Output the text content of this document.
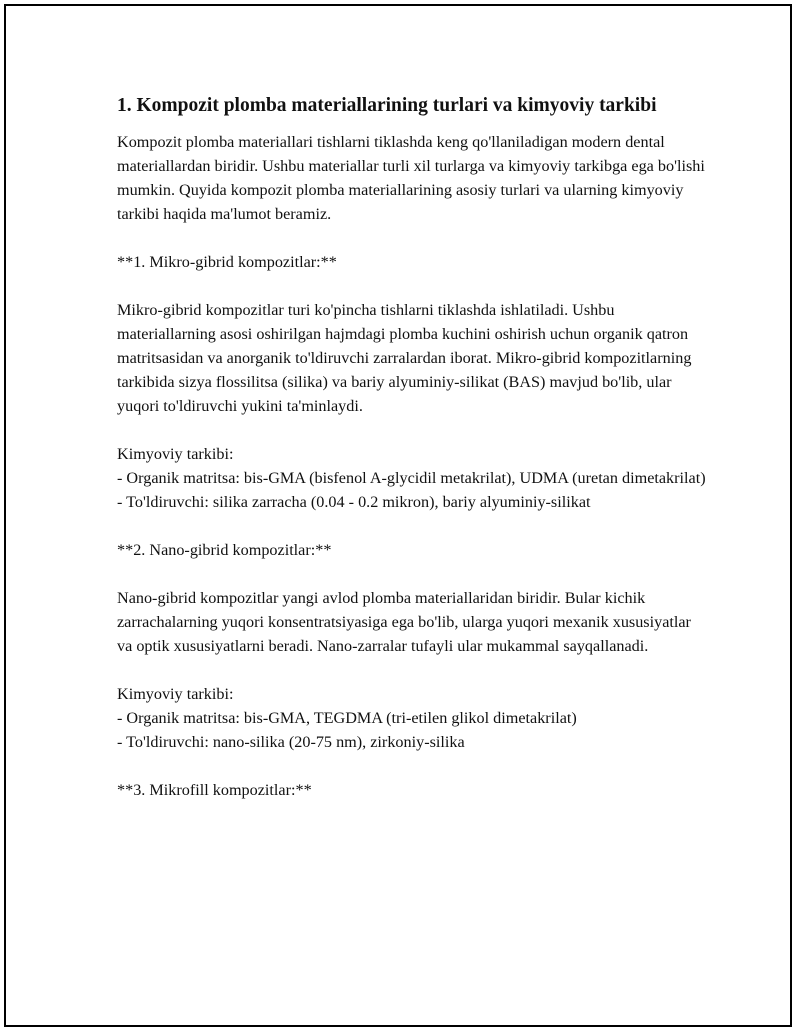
1. Kompozit plomba materiallarining turlari va kimyoviy tarkibi
Kompozit plomba materiallari tishlarni tiklashda keng qo'llaniladigan modern dental materiallardan biridir. Ushbu materiallar turli xil turlarga va kimyoviy tarkibga ega bo'lishi mumkin. Quyida kompozit plomba materiallarining asosiy turlari va ularning kimyoviy tarkibi haqida ma'lumot beramiz.
**1. Mikro-gibrid kompozitlar:**
Mikro-gibrid kompozitlar turi ko'pincha tishlarni tiklashda ishlatiladi. Ushbu materiallarning asosi oshirilgan hajmdagi plomba kuchini oshirish uchun organik qatron matritsasidan va anorganik to'ldiruvchi zarralardan iborat. Mikro-gibrid kompozitlarning tarkibida sizya flossilitsa (silika) va bariy alyuminiy-silikat (BAS) mavjud bo'lib, ular yuqori to'ldiruvchi yukini ta'minlaydi.
Kimyoviy tarkibi:
- Organik matritsa: bis-GMA (bisfenol A-glycidil metakrilat), UDMA (uretan dimetakrilat)
- To'ldiruvchi: silika zarracha (0.04 - 0.2 mikron), bariy alyuminiy-silikat
**2. Nano-gibrid kompozitlar:**
Nano-gibrid kompozitlar yangi avlod plomba materiallaridan biridir. Bular kichik zarrachalarning yuqori konsentratsiyasiga ega bo'lib, ularga yuqori mexanik xususiyatlar va optik xususiyatlarni beradi. Nano-zarralar tufayli ular mukammal sayqallanadi.
Kimyoviy tarkibi:
- Organik matritsa: bis-GMA, TEGDMA (tri-etilen glikol dimetakrilat)
- To'ldiruvchi: nano-silika (20-75 nm), zirkoniy-silika
**3. Mikrofill kompozitlar:**
